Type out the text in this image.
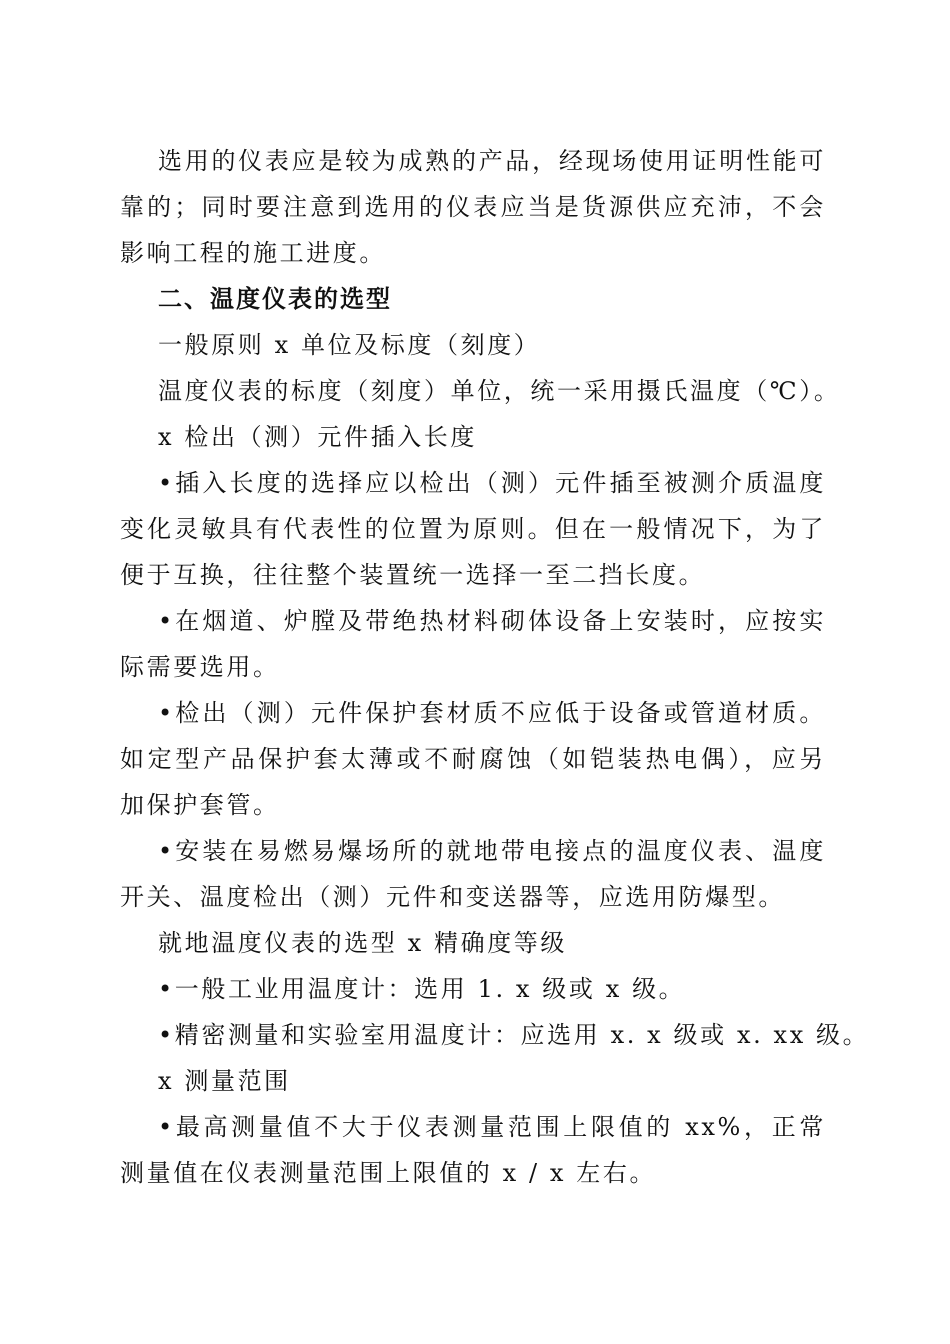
选用的仪表应是较为成熟的产品，经现场使用证明性能可靠的；同时要注意到选用的仪表应当是货源供应充沛，不会影响工程的施工进度。

二、温度仪表的选型

一般原则 x 单位及标度（刻度）

温度仪表的标度（刻度）单位，统一采用摄氏温度（℃）。

x 检出（测）元件插入长度

•插入长度的选择应以检出（测）元件插至被测介质温度变化灵敏具有代表性的位置为原则。但在一般情况下，为了便于互换，往往整个装置统一选择一至二挡长度。

•在烟道、炉膛及带绝热材料砌体设备上安装时，应按实际需要选用。

•检出（测）元件保护套材质不应低于设备或管道材质。如定型产品保护套太薄或不耐腐蚀（如铠装热电偶），应另加保护套管。

•安装在易燃易爆场所的就地带电接点的温度仪表、温度开关、温度检出（测）元件和变送器等，应选用防爆型。

就地温度仪表的选型 x 精确度等级

•一般工业用温度计：选用 1. x 级或 x 级。

•精密测量和实验室用温度计：应选用 x. x 级或 x. xx 级。

x 测量范围

•最高测量值不大于仪表测量范围上限值的 xx%，正常测量值在仪表测量范围上限值的 x / x 左右。
